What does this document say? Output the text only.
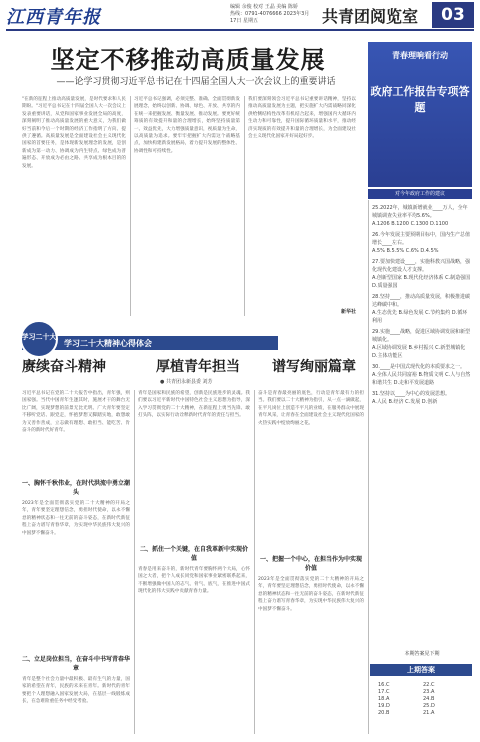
江西青年报	编辑 余俊 校对 王晶 美编 陈娇
热线：0791-4076666 2023年3月17日 星期五	共青团阅览室	03
坚定不移推动高质量发展
——论学习贯彻习近平总书记在十四届全国人大一次会议上的重要讲话
"在新的征程上推动高质量发展，是时代要求和人民期盼。"习近平总书记在十四届全国人大一次会议上发表重要讲话，从党和国家事业发展全局的高度，深刻阐明了推动高质量发展的重大意义，为我们做好当前和今后一个时期的经济工作指明了方向、提供了遵循。高质量发展是全面建设社会主义现代化国家的首要任务，是体现新发展理念的发展，是创新成为第一动力、协调成为内生特点、绿色成为普遍形态、开放成为必由之路、共享成为根本目的的发展。
习近平总书记强调，必须完整、准确、全面贯彻新发展理念，始终以创新、协调、绿色、开放、共享的内在统一来把握发展、衡量发展、推动发展。要更好统筹质的有效提升和量的合理增长，始终坚持质量第一、效益优先，大力增强质量意识，视质量为生命，以高质量为追求。要牢牢把握扩大内需这个战略基点，加快构建新发展格局，着力提升发展的整体性、协调性和可持续性。
我们要深刻领会习近平总书记重要讲话精神，坚持以推动高质量发展为主题，把实施扩大内需战略同深化供给侧结构性改革有机结合起来，增强国内大循环内生动力和可靠性，提升国际循环质量和水平，推动经济实现质的有效提升和量的合理增长，为全面建设社会主义现代化国家开好局起好步。
新华社
青春理响看行动
政府工作报告专项答题
对今年政府工作的建议
25.2022年，城镇新增就业____万人，全年城镇调查失业率平均5.6%。
A.1206 B.1200 C.1300 D.1100
26.今年发展主要预期目标中，国内生产总值增长____左右。
A.5% B.5.5% C.6% D.4.5%
27.要加快建设____，实施科教兴国战略，强化现代化建设人才支撑。
A.创新型国家 B.现代化经济体系 C.制造强国 D.质量强国
28.坚持____，推动高质量发展，积极推进碳达峰碳中和。
A.生态优先 B.绿色发展 C.节约集约 D.循环利用
29.实施____战略，促进区域协调发展和新型城镇化。
A.区域协调发展 B.乡村振兴 C.新型城镇化 D.主体功能区
30.____是中国式现代化的本质要求之一。
A.全体人民共同富裕 B.物质文明 C.人与自然和谐共生 D.走和平发展道路
31.坚持以____为中心的发展思想。
A.人民 B.经济 C.发展 D.创新
本期答案见下期
上期答案
16.C	22.C
17.C	23.A
18.A	24.B
19.D	25.D
20.B	21.A
学习二十大
学习二十大精神心得体会
赓续奋斗精神	厚植青年担当	谱写绚丽篇章
● 共青团永新县委 刘芳
习近平总书记在党的二十大报告中指出，青年强，则国家强。当代中国青年生逢其时，施展才干的舞台无比广阔，实现梦想的前景无比光明。广大青年要坚定不移听党话、跟党走，怀抱梦想又脚踏实地，敢想敢为又善作善成，立志做有理想、敢担当、能吃苦、肯奋斗的新时代好青年。
一、胸怀千秋伟业，在时代洪流中勇立潮头
2023年是全面贯彻落实党的二十大精神的开局之年，青年要坚定理想信念，勇担时代使命，以永不懈怠的精神状态和一往无前的奋斗姿态，在新时代新征程上奋力谱写青春华章，为实现中华民族伟大复兴的中国梦不懈奋斗。
二、立足岗位担当，在奋斗中书写青春华章
青年是整个社会力量中最积极、最有生气的力量，国家的希望在青年，民族的未来在青年。新时代的青年要把个人理想融入国家发展大局，在基层一线锻炼成长，在急难险重任务中经受考验。
青年是国家和民族的希望，创新是民族进步的灵魂。我们要以习近平新时代中国特色社会主义思想为指导，深入学习贯彻党的二十大精神，在新征程上勇当先锋、敢打头阵，以实际行动诠释新时代青年的责任与担当。
二、抓住一个关键，在自我革新中实现价值
青春是用来奋斗的，新时代青年要胸怀两个大局，心怀国之大者，把个人成长同党和国家事业紧密联系起来，不断增强做中国人的志气、骨气、底气，在推进中国式现代化的伟大实践中贡献青春力量。
奋斗是青春最亮丽的底色，行动是青年最有力的担当。我们要以二十大精神为指引，从一点一滴做起，在平凡岗位上创造不平凡的业绩，在服务群众中展现青年风采，让青春在全面建设社会主义现代化国家的火热实践中绽放绚丽之花。
一、把握一个中心，在担当作为中实现价值
2023年是全面贯彻落实党的二十大精神的开局之年，青年要坚定理想信念，勇担时代使命，以永不懈怠的精神状态和一往无前的奋斗姿态，在新时代新征程上奋力谱写青春华章，为实现中华民族伟大复兴的中国梦不懈奋斗。
